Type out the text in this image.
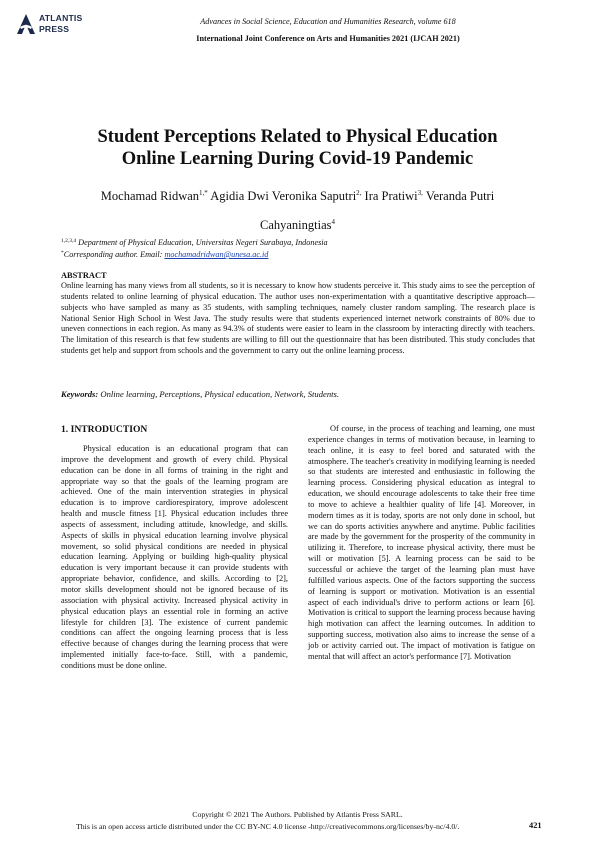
ATLANTIS
PRESS
Advances in Social Science, Education and Humanities Research, volume 618
International Joint Conference on Arts and Humanities 2021 (IJCAH 2021)
Student Perceptions Related to Physical Education
Online Learning During Covid-19 Pandemic
Mochamad Ridwan$^{1,*}$ Agidia Dwi Veronika Saputri$^{2,}$ Ira Pratiwi$^{3,}$ Veranda Putri
Cahyaningtias$^4$
$^{1,2,3,4}$ Department of Physical Education, Universitas Negeri Surabaya, Indonesia
*Corresponding author. Email: mochamadridwan@unesa.ac.id
ABSTRACT
Online learning has many views from all students, so it is necessary to know how students perceive it. This study aims to see the perception of students related to online learning of physical education. The author uses non-experimentation with a quantitative descriptive approach—subjects who have sampled as many as 35 students, with sampling techniques, namely cluster random sampling. The research place is National Senior High School in West Java. The study results were that students experienced internet network constraints of 80% due to uneven connections in each region. As many as 94.3% of students were easier to learn in the classroom by interacting directly with teachers. The limitation of this research is that few students are willing to fill out the questionnaire that has been distributed. This study concludes that students get help and support from schools and the government to carry out the online learning process.
Keywords: Online learning, Perceptions, Physical education, Network, Students.
1. INTRODUCTION
Physical education is an educational program that can improve the development and growth of every child. Physical education can be done in all forms of training in the right and appropriate way so that the goals of the learning program are achieved. One of the main intervention strategies in physical education is to improve cardiorespiratory, improve adolescent health and muscle fitness [1]. Physical education includes three aspects of assessment, including attitude, knowledge, and skills. Aspects of skills in physical education learning involve physical movement, so solid physical conditions are needed in physical education learning. Applying or building high-quality physical education is very important because it can provide students with appropriate behavior, confidence, and skills. According to [2], motor skills development should not be ignored because of its association with physical activity. Increased physical activity in physical education plays an essential role in forming an active lifestyle for children [3]. The existence of current pandemic conditions can affect the ongoing learning process that is less effective because of changes during the learning process that were implemented initially face-to-face. Still, with a pandemic, conditions must be done online.
Of course, in the process of teaching and learning, one must experience changes in terms of motivation because, in learning to teach online, it is easy to feel bored and saturated with the atmosphere. The teacher's creativity in modifying learning is needed so that students are interested and enthusiastic in following the learning process. Considering physical education as integral to education, we should encourage adolescents to take their free time to move to achieve a healthier quality of life [4]. Moreover, in modern times as it is today, sports are not only done in school, but we can do sports activities anywhere and anytime. Public facilities are made by the government for the prosperity of the community in utilizing it. Therefore, to increase physical activity, there must be will or motivation [5]. A learning process can be said to be successful or achieve the target of the learning plan must have fulfilled various aspects. One of the factors supporting the success of learning is support or motivation. Motivation is an essential aspect of each individual's drive to perform actions or learn [6]. Motivation is critical to support the learning process because having high motivation can affect the learning outcomes. In addition to supporting success, motivation also aims to increase the sense of a job or activity carried out. The impact of motivation is fatigue on mental that will affect an actor's performance [7]. Motivation
Copyright © 2021 The Authors. Published by Atlantis Press SARL.
This is an open access article distributed under the CC BY-NC 4.0 license -http://creativecommons.org/licenses/by-nc/4.0/.	421
